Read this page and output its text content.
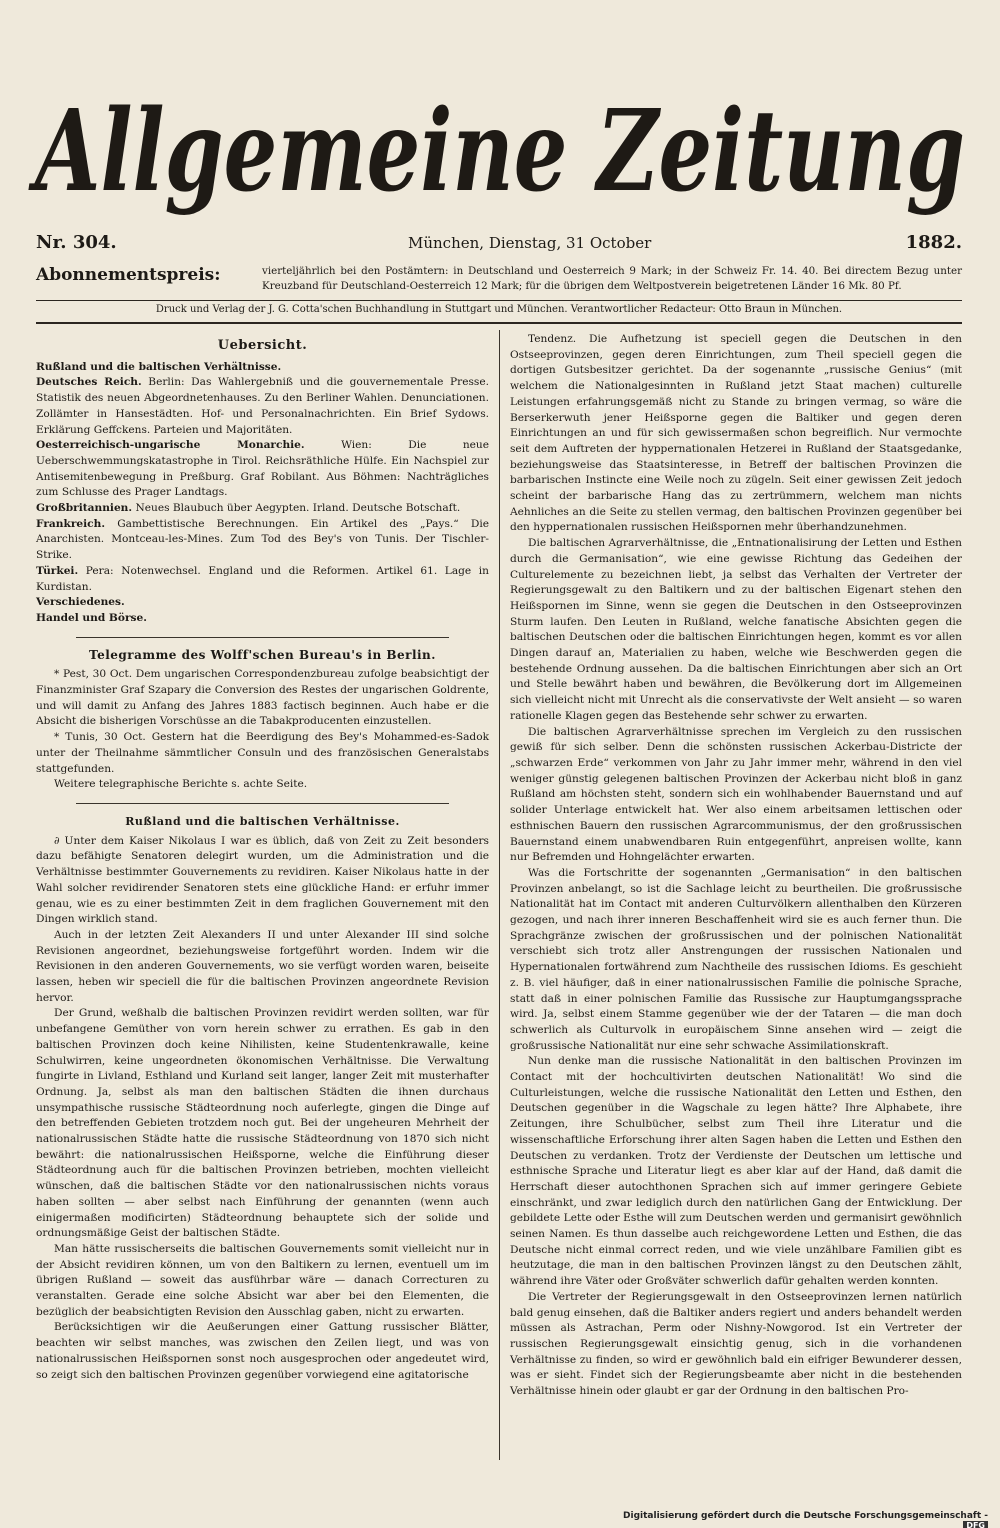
Allgemeine Zeitung
Nr. 304.	München, Dienstag, 31 October	1882.
Abonnementspreis:	vierteljährlich bei den Postämtern: in Deutschland und Oesterreich 9 Mark; in der Schweiz Fr. 14. 40. Bei directem Bezug unter Kreuzband für Deutschland-Oesterreich 12 Mark; für die übrigen dem Weltpostverein beigetretenen Länder 16 Mk. 80 Pf.
Druck und Verlag der J. G. Cotta'schen Buchhandlung in Stuttgart und München. Verantwortlicher Redacteur: Otto Braun in München.

Uebersicht.

Rußland und die baltischen Verhältnisse.

Deutsches Reich. Berlin: Das Wahlergebniß und die gouvernementale Presse. Statistik des neuen Abgeordnetenhauses. Zu den Berliner Wahlen. Denunciationen. Zollämter in Hansestädten. Hof- und Personalnachrichten. Ein Brief Sydows. Erklärung Geffckens. Parteien und Majoritäten.

Oesterreichisch-ungarische Monarchie.	Wien: Die neue Ueberschwemmungskatastrophe in Tirol. Reichsräthliche Hülfe. Ein Nachspiel zur Antisemitenbewegung in Preßburg. Graf Robilant. Aus Böhmen: Nachträgliches zum Schlusse des Prager Landtags.

Großbritannien. Neues Blaubuch über Aegypten. Irland. Deutsche Botschaft.

Frankreich. Gambettistische Berechnungen. Ein Artikel des „Pays.“ Die Anarchisten. Montceau-les-Mines. Zum Tod des Bey's von Tunis. Der Tischler-Strike.

Türkei. Pera: Notenwechsel. England und die Reformen. Artikel 61. Lage in Kurdistan.

Verschiedenes.

Handel und Börse.

Telegramme des Wolff'schen Bureau's in Berlin.

* Pest, 30 Oct. Dem ungarischen Correspondenzbureau zufolge beabsichtigt der Finanzminister Graf Szapary die Conversion des Restes der ungarischen Goldrente, und will damit zu Anfang des Jahres 1883 factisch beginnen. Auch habe er die Absicht die bisherigen Vorschüsse an die Tabakproducenten einzustellen.

* Tunis, 30 Oct. Gestern hat die Beerdigung des Bey's Mohammed-es-Sadok unter der Theilnahme sämmtlicher Consuln und des französischen Generalstabs stattgefunden.

Weitere telegraphische Berichte s. achte Seite.

Rußland und die baltischen Verhältnisse.

∂ Unter dem Kaiser Nikolaus I war es üblich, daß von Zeit zu Zeit besonders dazu befähigte Senatoren delegirt wurden, um die Administration und die Verhältnisse bestimmter Gouvernements zu revidiren. Kaiser Nikolaus hatte in der Wahl solcher revidirender Senatoren stets eine glückliche Hand: er erfuhr immer genau, wie es zu einer bestimmten Zeit in dem fraglichen Gouvernement mit den Dingen wirklich stand.

Auch in der letzten Zeit Alexanders II und unter Alexander III sind solche Revisionen angeordnet, beziehungsweise fortgeführt worden. Indem wir die Revisionen in den anderen Gouvernements, wo sie verfügt worden waren, beiseite lassen, heben wir speciell die für die baltischen Provinzen angeordnete Revision hervor.

Der Grund, weßhalb die baltischen Provinzen revidirt werden sollten, war für unbefangene Gemüther von vorn herein schwer zu errathen. Es gab in den baltischen Provinzen doch keine Nihilisten, keine Studentenkrawalle, keine Schulwirren, keine ungeordneten ökonomischen Verhältnisse. Die Verwaltung fungirte in Livland, Esthland und Kurland seit langer, langer Zeit mit musterhafter Ordnung. Ja, selbst als man den baltischen Städten die ihnen durchaus unsympathische russische Städteordnung noch auferlegte, gingen die Dinge auf den betreffenden Gebieten trotzdem noch gut. Bei der ungeheuren Mehrheit der nationalrussischen Städte hatte die russische Städteordnung von 1870 sich nicht bewährt: die nationalrussischen Heißsporne, welche die Einführung dieser Städteordnung auch für die baltischen Provinzen betrieben, mochten vielleicht wünschen, daß die baltischen Städte vor den nationalrussischen nichts voraus haben sollten — aber selbst nach Einführung der genannten (wenn auch einigermaßen modificirten) Städteordnung behauptete sich der solide und ordnungsmäßige Geist der baltischen Städte.

Man hätte russischerseits die baltischen Gouvernements somit vielleicht nur in der Absicht revidiren können, um von den Baltikern zu lernen, eventuell um im übrigen Rußland — soweit das ausführbar wäre — danach Correcturen zu veranstalten. Gerade eine solche Absicht war aber bei den Elementen, die bezüglich der beabsichtigten Revision den Ausschlag gaben, nicht zu erwarten.

Berücksichtigen wir die Aeußerungen einer Gattung russischer Blätter, beachten wir selbst manches, was zwischen den Zeilen liegt, und was von nationalrussischen Heißspornen sonst noch ausgesprochen oder angedeutet wird, so zeigt sich den baltischen Provinzen gegenüber vorwiegend eine agitatorische

Tendenz. Die Aufhetzung ist speciell gegen die Deutschen in den Ostseeprovinzen, gegen deren Einrichtungen, zum Theil speciell gegen die dortigen Gutsbesitzer gerichtet. Da der sogenannte „russische Genius“ (mit welchem die Nationalgesinnten in Rußland jetzt Staat machen) culturelle Leistungen erfahrungsgemäß nicht zu Stande zu bringen vermag, so wäre die Berserkerwuth jener Heißsporne gegen die Baltiker und gegen deren Einrichtungen an und für sich gewissermaßen schon begreiflich. Nur vermochte seit dem Auftreten der hyppernationalen Hetzerei in Rußland der Staatsgedanke, beziehungsweise das Staatsinteresse, in Betreff der baltischen Provinzen die barbarischen Instincte eine Weile noch zu zügeln. Seit einer gewissen Zeit jedoch scheint der barbarische Hang das zu zertrümmern, welchem man nichts Aehnliches an die Seite zu stellen vermag, den baltischen Provinzen gegenüber bei den hyppernationalen russischen Heißspornen mehr überhandzunehmen.

Die baltischen Agrarverhältnisse, die „Entnationalisirung der Letten und Esthen durch die Germanisation“, wie eine gewisse Richtung das Gedeihen der Culturelemente zu bezeichnen liebt, ja selbst das Verhalten der Vertreter der Regierungsgewalt zu den Baltikern und zu der baltischen Eigenart stehen den Heißspornen im Sinne, wenn sie gegen die Deutschen in den Ostseeprovinzen Sturm laufen. Den Leuten in Rußland, welche fanatische Absichten gegen die baltischen Deutschen oder die baltischen Einrichtungen hegen, kommt es vor allen Dingen darauf an, Materialien zu haben, welche wie Beschwerden gegen die bestehende Ordnung aussehen. Da die baltischen Einrichtungen aber sich an Ort und Stelle bewährt haben und bewähren, die Bevölkerung dort im Allgemeinen sich vielleicht nicht mit Unrecht als die conservativste der Welt ansieht — so waren rationelle Klagen gegen das Bestehende sehr schwer zu erwarten.

Die baltischen Agrarverhältnisse sprechen im Vergleich zu den russischen gewiß für sich selber. Denn die schönsten russischen Ackerbau-Districte der „schwarzen Erde“ verkommen von Jahr zu Jahr immer mehr, während in den viel weniger günstig gelegenen baltischen Provinzen der Ackerbau nicht bloß in ganz Rußland am höchsten steht, sondern sich ein wohlhabender Bauernstand und auf solider Unterlage entwickelt hat. Wer also einem arbeitsamen lettischen oder esthnischen Bauern den russischen Agrarcommunismus, der den großrussischen Bauernstand einem unabwendbaren Ruin entgegenführt, anpreisen wollte, kann nur Befremden und Hohngelächter erwarten.

Was die Fortschritte der sogenannten „Germanisation“ in den baltischen Provinzen anbelangt, so ist die Sachlage leicht zu beurtheilen. Die großrussische Nationalität hat im Contact mit anderen Culturvölkern allenthalben den Kürzeren gezogen, und nach ihrer inneren Beschaffenheit wird sie es auch ferner thun. Die Sprachgränze zwischen der großrussischen und der polnischen Nationalität verschiebt sich trotz aller Anstrengungen der russischen Nationalen und Hypernationalen fortwährend zum Nachtheile des russischen Idioms. Es geschieht z. B. viel häufiger, daß in einer nationalrussischen Familie die polnische Sprache, statt daß in einer polnischen Familie das Russische zur Hauptumgangssprache wird. Ja, selbst einem Stamme gegenüber wie der der Tataren — die man doch schwerlich als Culturvolk in europäischem Sinne ansehen wird — zeigt die großrussische Nationalität nur eine sehr schwache Assimilationskraft.

Nun denke man die russische Nationalität in den baltischen Provinzen im Contact mit der hochcultivirten deutschen Nationalität! Wo sind die Culturleistungen, welche die russische Nationalität den Letten und Esthen, den Deutschen gegenüber in die Wagschale zu legen hätte? Ihre Alphabete, ihre Zeitungen, ihre Schulbücher, selbst zum Theil ihre Literatur und die wissenschaftliche Erforschung ihrer alten Sagen haben die Letten und Esthen den Deutschen zu verdanken. Trotz der Verdienste der Deutschen um lettische und esthnische Sprache und Literatur liegt es aber klar auf der Hand, daß damit die Herrschaft dieser autochthonen Sprachen sich auf immer geringere Gebiete einschränkt, und zwar lediglich durch den natürlichen Gang der Entwicklung. Der gebildete Lette oder Esthe will zum Deutschen werden und germanisirt gewöhnlich seinen Namen. Es thun dasselbe auch reichgewordene Letten und Esthen, die das Deutsche nicht einmal correct reden, und wie viele unzählbare Familien gibt es heutzutage, die man in den baltischen Provinzen längst zu den Deutschen zählt, während ihre Väter oder Großväter schwerlich dafür gehalten werden konnten.

Die Vertreter der Regierungsgewalt in den Ostseeprovinzen lernen natürlich bald genug einsehen, daß die Baltiker anders regiert und anders behandelt werden müssen als Astrachan, Perm oder Nishny-Nowgorod. Ist ein Vertreter der russischen Regierungsgewalt einsichtig genug, sich in die vorhandenen Verhältnisse zu finden, so wird er gewöhnlich bald ein eifriger Bewunderer dessen, was er sieht. Findet sich der Regierungsbeamte aber nicht in die bestehenden Verhältnisse hinein oder glaubt er gar der Ordnung in den baltischen Pro-

Digitalisierung gefördert durch die Deutsche Forschungsgemeinschaft -DFG
